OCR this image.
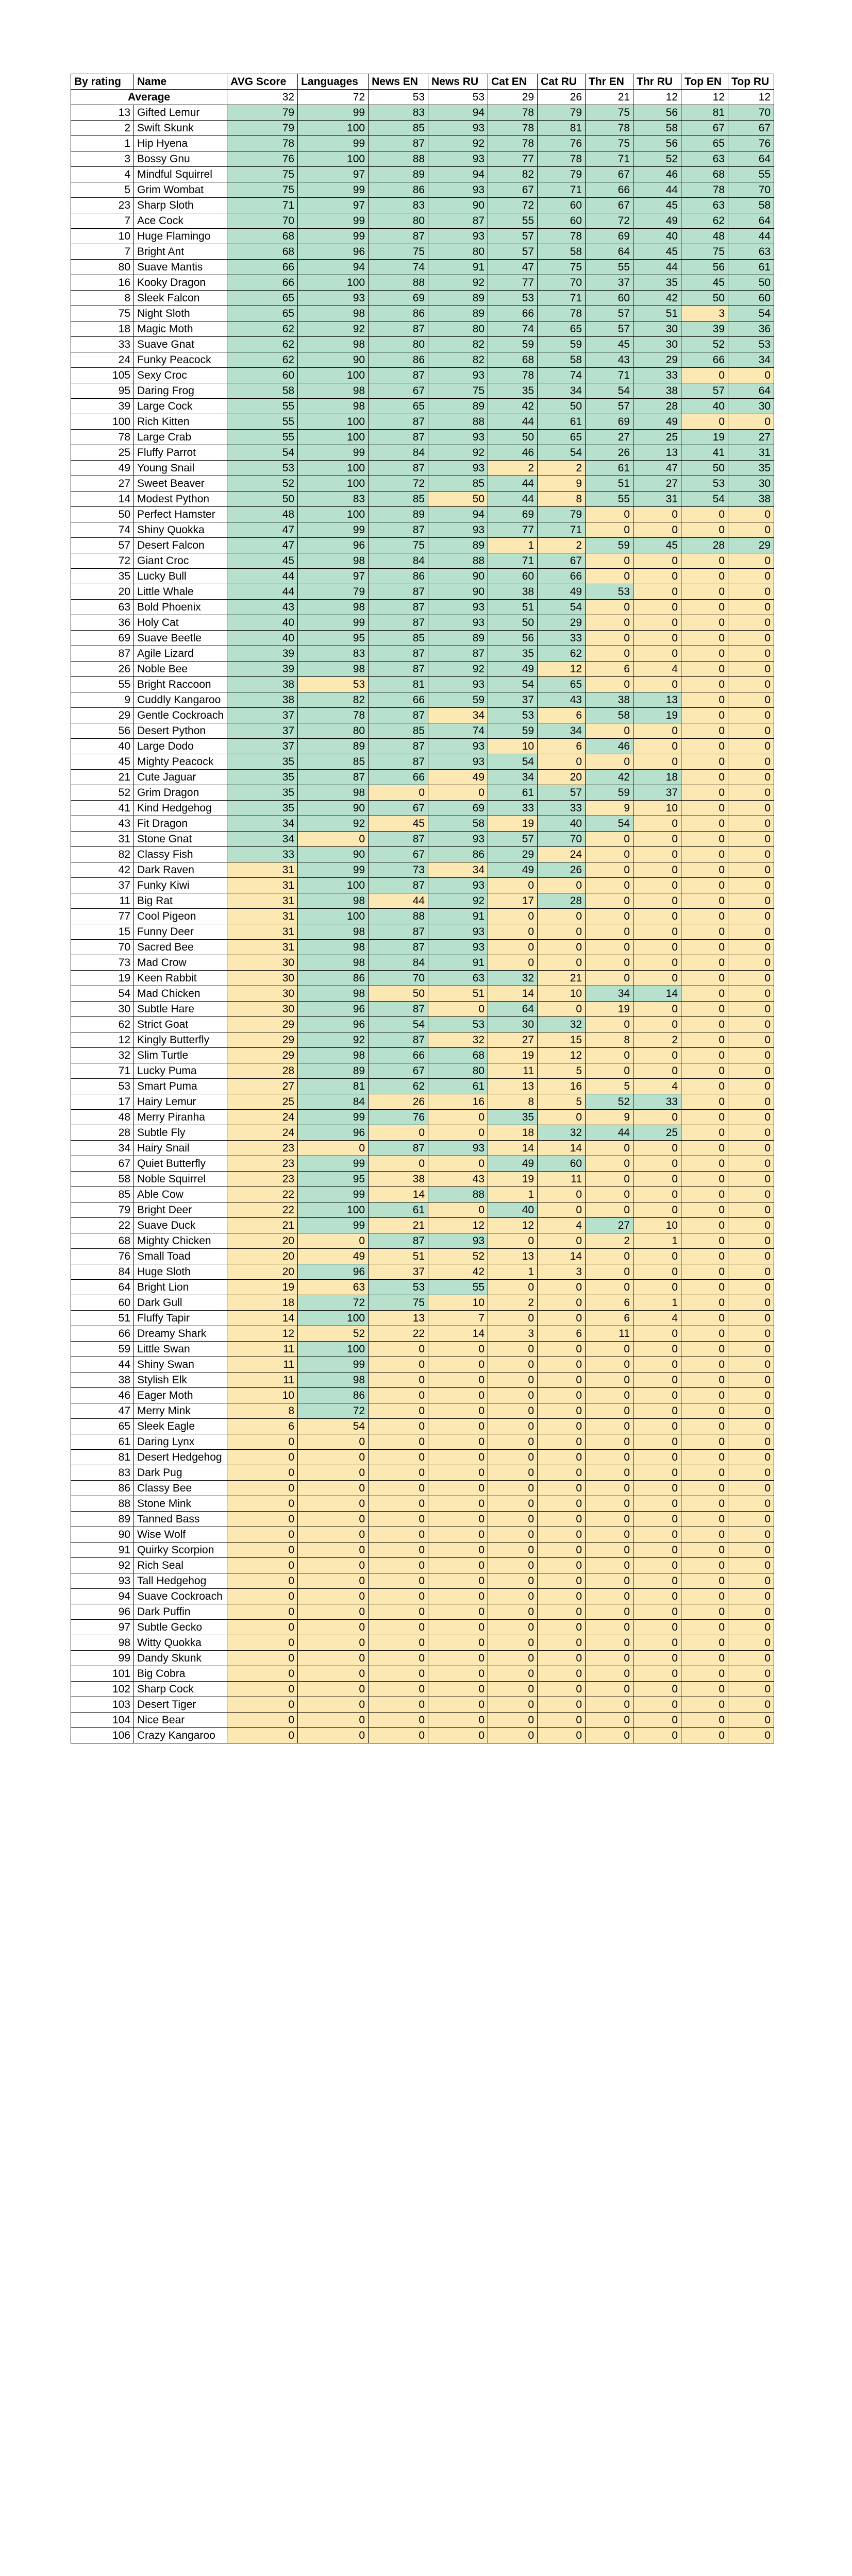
By rating	Name	AVG Score	Languages	News EN	News RU	Cat EN	Cat RU	Thr EN	Thr RU	Top EN	Top RU
Average		32	72	53	53	29	26	21	12	12	12
13	Gifted Lemur	79	99	83	94	78	79	75	56	81	70
2	Swift Skunk	79	100	85	93	78	81	78	58	67	67
1	Hip Hyena	78	99	87	92	78	76	75	56	65	76
3	Bossy Gnu	76	100	88	93	77	78	71	52	63	64
4	Mindful Squirrel	75	97	89	94	82	79	67	46	68	55
5	Grim Wombat	75	99	86	93	67	71	66	44	78	70
23	Sharp Sloth	71	97	83	90	72	60	67	45	63	58
7	Ace Cock	70	99	80	87	55	60	72	49	62	64
10	Huge Flamingo	68	99	87	93	57	78	69	40	48	44
7	Bright Ant	68	96	75	80	57	58	64	45	75	63
80	Suave Mantis	66	94	74	91	47	75	55	44	56	61
16	Kooky Dragon	66	100	88	92	77	70	37	35	45	50
8	Sleek Falcon	65	93	69	89	53	71	60	42	50	60
75	Night Sloth	65	98	86	89	66	78	57	51	3	54
18	Magic Moth	62	92	87	80	74	65	57	30	39	36
33	Suave Gnat	62	98	80	82	59	59	45	30	52	53
24	Funky Peacock	62	90	86	82	68	58	43	29	66	34
105	Sexy Croc	60	100	87	93	78	74	71	33	0	0
95	Daring Frog	58	98	67	75	35	34	54	38	57	64
39	Large Cock	55	98	65	89	42	50	57	28	40	30
100	Rich Kitten	55	100	87	88	44	61	69	49	0	0
78	Large Crab	55	100	87	93	50	65	27	25	19	27
25	Fluffy Parrot	54	99	84	92	46	54	26	13	41	31
49	Young Snail	53	100	87	93	2	2	61	47	50	35
27	Sweet Beaver	52	100	72	85	44	9	51	27	53	30
14	Modest Python	50	83	85	50	44	8	55	31	54	38
50	Perfect Hamster	48	100	89	94	69	79	0	0	0	0
74	Shiny Quokka	47	99	87	93	77	71	0	0	0	0
57	Desert Falcon	47	96	75	89	1	2	59	45	28	29
72	Giant Croc	45	98	84	88	71	67	0	0	0	0
35	Lucky Bull	44	97	86	90	60	66	0	0	0	0
20	Little Whale	44	79	87	90	38	49	53	0	0	0
63	Bold Phoenix	43	98	87	93	51	54	0	0	0	0
36	Holy Cat	40	99	87	93	50	29	0	0	0	0
69	Suave Beetle	40	95	85	89	56	33	0	0	0	0
87	Agile Lizard	39	83	87	87	35	62	0	0	0	0
26	Noble Bee	39	98	87	92	49	12	6	4	0	0
55	Bright Raccoon	38	53	81	93	54	65	0	0	0	0
9	Cuddly Kangaroo	38	82	66	59	37	43	38	13	0	0
29	Gentle Cockroach	37	78	87	34	53	6	58	19	0	0
56	Desert Python	37	80	85	74	59	34	0	0	0	0
40	Large Dodo	37	89	87	93	10	6	46	0	0	0
45	Mighty Peacock	35	85	87	93	54	0	0	0	0	0
21	Cute Jaguar	35	87	66	49	34	20	42	18	0	0
52	Grim Dragon	35	98	0	0	61	57	59	37	0	0
41	Kind Hedgehog	35	90	67	69	33	33	9	10	0	0
43	Fit Dragon	34	92	45	58	19	40	54	0	0	0
31	Stone Gnat	34	0	87	93	57	70	0	0	0	0
82	Classy Fish	33	90	67	86	29	24	0	0	0	0
42	Dark Raven	31	99	73	34	49	26	0	0	0	0
37	Funky Kiwi	31	100	87	93	0	0	0	0	0	0
11	Big Rat	31	98	44	92	17	28	0	0	0	0
77	Cool Pigeon	31	100	88	91	0	0	0	0	0	0
15	Funny Deer	31	98	87	93	0	0	0	0	0	0
70	Sacred Bee	31	98	87	93	0	0	0	0	0	0
73	Mad Crow	30	98	84	91	0	0	0	0	0	0
19	Keen Rabbit	30	86	70	63	32	21	0	0	0	0
54	Mad Chicken	30	98	50	51	14	10	34	14	0	0
30	Subtle Hare	30	96	87	0	64	0	19	0	0	0
62	Strict Goat	29	96	54	53	30	32	0	0	0	0
12	Kingly Butterfly	29	92	87	32	27	15	8	2	0	0
32	Slim Turtle	29	98	66	68	19	12	0	0	0	0
71	Lucky Puma	28	89	67	80	11	5	0	0	0	0
53	Smart Puma	27	81	62	61	13	16	5	4	0	0
17	Hairy Lemur	25	84	26	16	8	5	52	33	0	0
48	Merry Piranha	24	99	76	0	35	0	9	0	0	0
28	Subtle Fly	24	96	0	0	18	32	44	25	0	0
34	Hairy Snail	23	0	87	93	14	14	0	0	0	0
67	Quiet Butterfly	23	99	0	0	49	60	0	0	0	0
58	Noble Squirrel	23	95	38	43	19	11	0	0	0	0
85	Able Cow	22	99	14	88	1	0	0	0	0	0
79	Bright Deer	22	100	61	0	40	0	0	0	0	0
22	Suave Duck	21	99	21	12	12	4	27	10	0	0
68	Mighty Chicken	20	0	87	93	0	0	2	1	0	0
76	Small Toad	20	49	51	52	13	14	0	0	0	0
84	Huge Sloth	20	96	37	42	1	3	0	0	0	0
64	Bright Lion	19	63	53	55	0	0	0	0	0	0
60	Dark Gull	18	72	75	10	2	0	6	1	0	0
51	Fluffy Tapir	14	100	13	7	0	0	6	4	0	0
66	Dreamy Shark	12	52	22	14	3	6	11	0	0	0
59	Little Swan	11	100	0	0	0	0	0	0	0	0
44	Shiny Swan	11	99	0	0	0	0	0	0	0	0
38	Stylish Elk	11	98	0	0	0	0	0	0	0	0
46	Eager Moth	10	86	0	0	0	0	0	0	0	0
47	Merry Mink	8	72	0	0	0	0	0	0	0	0
65	Sleek Eagle	6	54	0	0	0	0	0	0	0	0
61	Daring Lynx	0	0	0	0	0	0	0	0	0	0
81	Desert Hedgehog	0	0	0	0	0	0	0	0	0	0
83	Dark Pug	0	0	0	0	0	0	0	0	0	0
86	Classy Bee	0	0	0	0	0	0	0	0	0	0
88	Stone Mink	0	0	0	0	0	0	0	0	0	0
89	Tanned Bass	0	0	0	0	0	0	0	0	0	0
90	Wise Wolf	0	0	0	0	0	0	0	0	0	0
91	Quirky Scorpion	0	0	0	0	0	0	0	0	0	0
92	Rich Seal	0	0	0	0	0	0	0	0	0	0
93	Tall Hedgehog	0	0	0	0	0	0	0	0	0	0
94	Suave Cockroach	0	0	0	0	0	0	0	0	0	0
96	Dark Puffin	0	0	0	0	0	0	0	0	0	0
97	Subtle Gecko	0	0	0	0	0	0	0	0	0	0
98	Witty Quokka	0	0	0	0	0	0	0	0	0	0
99	Dandy Skunk	0	0	0	0	0	0	0	0	0	0
101	Big Cobra	0	0	0	0	0	0	0	0	0	0
102	Sharp Cock	0	0	0	0	0	0	0	0	0	0
103	Desert Tiger	0	0	0	0	0	0	0	0	0	0
104	Nice Bear	0	0	0	0	0	0	0	0	0	0
106	Crazy Kangaroo	0	0	0	0	0	0	0	0	0	0
